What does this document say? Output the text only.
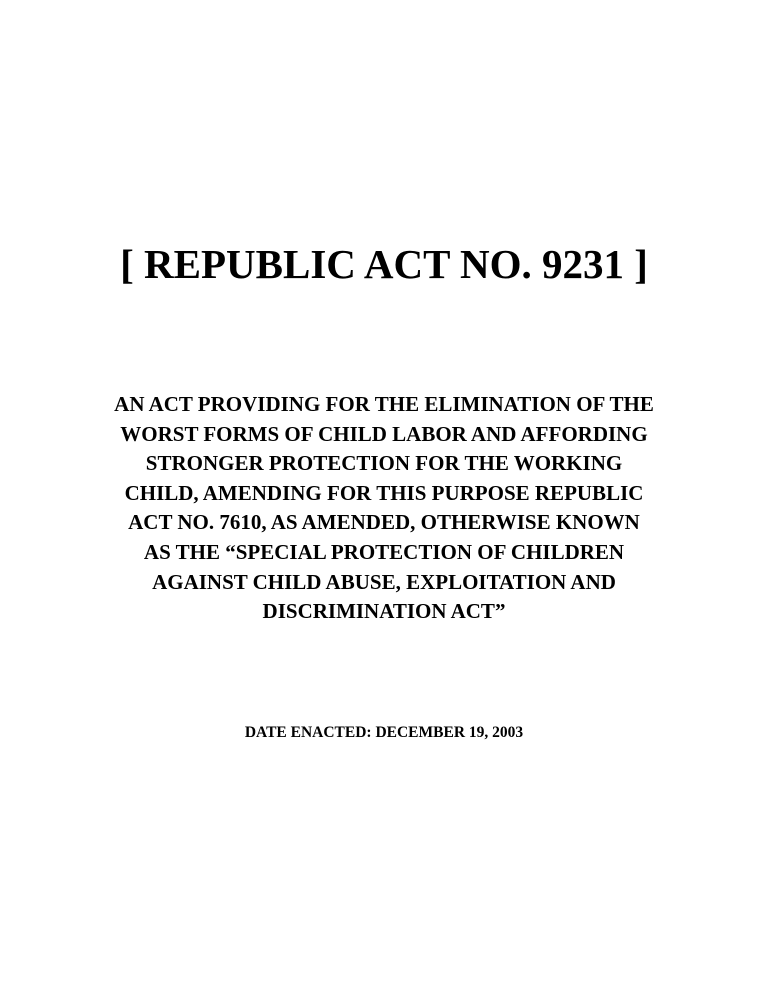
[ REPUBLIC ACT NO. 9231 ]
AN ACT PROVIDING FOR THE ELIMINATION OF THE
WORST FORMS OF CHILD LABOR AND AFFORDING
STRONGER PROTECTION FOR THE WORKING
CHILD, AMENDING FOR THIS PURPOSE REPUBLIC
ACT NO. 7610, AS AMENDED, OTHERWISE KNOWN
AS THE “SPECIAL PROTECTION OF CHILDREN
AGAINST CHILD ABUSE, EXPLOITATION AND
DISCRIMINATION ACT”

DATE ENACTED: DECEMBER 19, 2003
